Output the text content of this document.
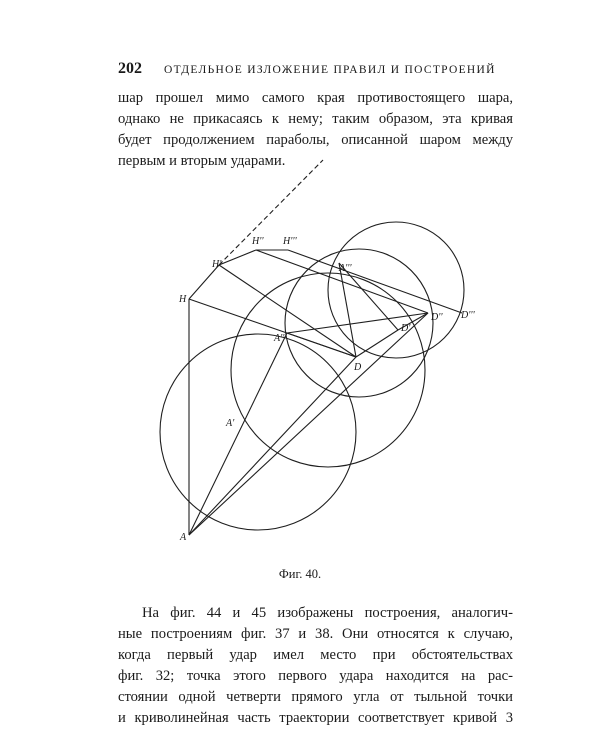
202	ОТДЕЛЬНОЕ ИЗЛОЖЕНИЕ ПРАВИЛ И ПОСТРОЕНИЙ
шар прошел мимо самого края противостоящего шара,
однако не прикасаясь к нему; таким образом, эта кривая
будет продолжением параболы, описанной шаром между
первым и вторым ударами.
H
H'
H'' H'''
A
A'
A''
A'''
D
D'
D'' D'''
Фиг. 40.
На фиг. 44 и 45 изображены построения, аналогич-
ные построениям фиг. 37 и 38. Они относятся к случаю,
когда первый удар имел место при обстоятельствах
фиг. 32; точка этого первого удара находится на рас-
стоянии одной четверти прямого угла от тыльной точки
и криволинейная часть траектории соответствует кривой 3
